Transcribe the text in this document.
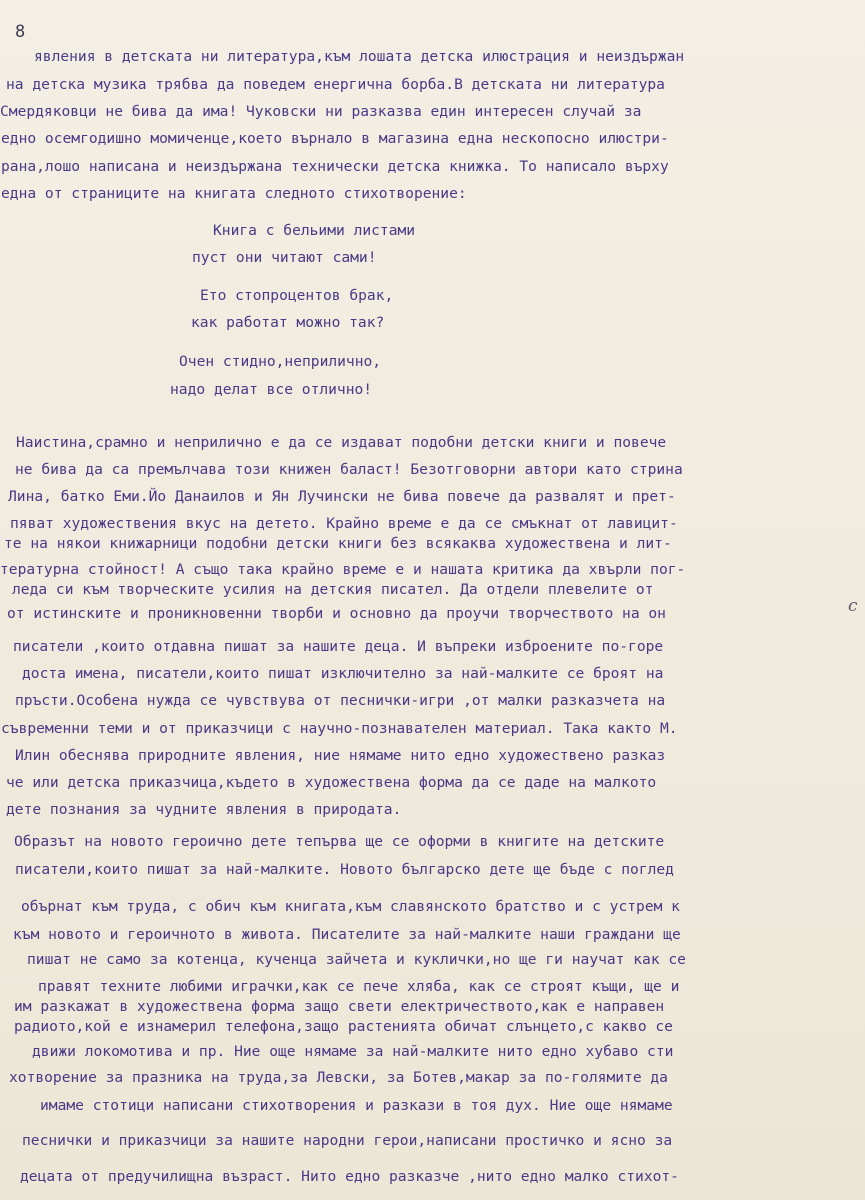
8
явления в детската ни литература,към лошата детска илюстрация и неиздържан
на детска музика трябва да поведем енергична борба.В детската ни литература
Смердяковци не бива да има! Чуковски ни разказва един интересен случай за
едно осемгодишно момиченце,което върнало в магазина една нескопосно илюстри-
рана,лошо написана и неиздържана технически детска книжка. То написало върху
една от страниците на книгата следното стихотворение:
Книга с бельими листами
пуст они читают сами!
Ето стопроцентов брак,
как работат можно так?
Очен стидно,неприлично,
надо делат все отлично!
Наистина,срамно и неприлично е да се издават подобни детски книги и повече
не бива да са премълчава този книжен баласт! Безотговорни автори като стрина
Лина, батко Еми.Йо Данаилов и Ян Лучински не бива повече да развалят и прет-
пяват художествения вкус на детето. Крайно време е да се смъкнат от лавицит-
те на някои книжарници подобни детски книги без всякаква художествена и лит-
тературна стойност! А също така крайно време е и нашата критика да хвърли пог-
леда си към творческите усилия на детския писател. Да отдели плевелите от
от истинските и проникновенни творби и основно да проучи творчеството на он
писатели ,които отдавна пишат за нашите деца. И въпреки изброените по-горе
доста имена, писатели,които пишат изключително за най-малките се броят на
пръсти.Особена нужда се чувствува от песнички-игри ,от малки разказчета на
съвременни теми и от приказчици с научно-познавателен материал. Така както М.
Илин обеснява природните явления, ние нямаме нито едно художествено разказ
че или детска приказчица,където в художествена форма да се даде на малкото
дете познания за чудните явления в природата.
Образът на новото героично дете тепърва ще се оформи в книгите на детските
писатели,които пишат за най-малките. Новото българско дете ще бъде с поглед
обърнат към труда, с обич към книгата,към славянското братство и с устрем к
към новото и героичното в живота. Писателите за най-малките наши граждани ще
пишат не само за котенца, кученца зайчета и куклички,но ще ги научат как се
правят техните любими играчки,как се пече хляба, как се строят къщи, ще и
им разкажат в художествена форма защо свети електричеството,как е направен
радиото,кой е изнамерил телефона,защо растенията обичат слънцето,с какво се
движи локомотива и пр. Ние още нямаме за най-малките нито едно хубаво сти
хотворение за празника на труда,за Левски, за Ботев,макар за по-голямите да
имаме стотици написани стихотворения и разкази в тоя дух. Ние още нямаме
песнички и приказчици за нашите народни герои,написани простичко и ясно за
децата от предучилищна възраст. Нито едно разказче ,нито едно малко стихот-
с
